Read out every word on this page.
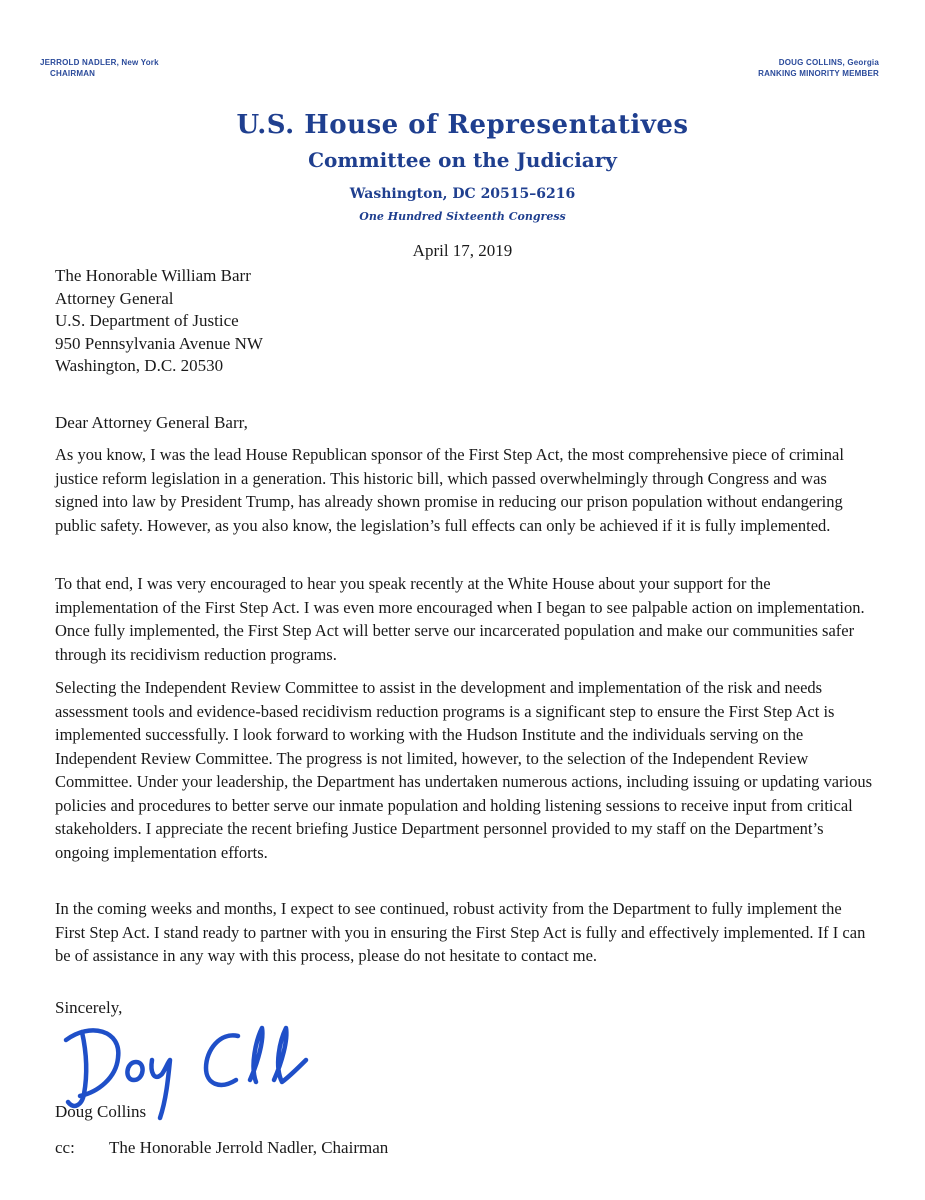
JERROLD NADLER, New York
CHAIRMAN
DOUG COLLINS, Georgia
RANKING MINORITY MEMBER
U.S. House of Representatives
Committee on the Judiciary
Washington, DC 20515–6216
One Hundred Sixteenth Congress
April 17, 2019
The Honorable William Barr
Attorney General
U.S. Department of Justice
950 Pennsylvania Avenue NW
Washington, D.C. 20530
Dear Attorney General Barr,

As you know, I was the lead House Republican sponsor of the First Step Act, the most comprehensive piece of criminal justice reform legislation in a generation. This historic bill, which passed overwhelmingly through Congress and was signed into law by President Trump, has already shown promise in reducing our prison population without endangering public safety. However, as you also know, the legislation’s full effects can only be achieved if it is fully implemented.

To that end, I was very encouraged to hear you speak recently at the White House about your support for the implementation of the First Step Act. I was even more encouraged when I began to see palpable action on implementation. Once fully implemented, the First Step Act will better serve our incarcerated population and make our communities safer through its recidivism reduction programs.

Selecting the Independent Review Committee to assist in the development and implementation of the risk and needs assessment tools and evidence-based recidivism reduction programs is a significant step to ensure the First Step Act is implemented successfully. I look forward to working with the Hudson Institute and the individuals serving on the Independent Review Committee. The progress is not limited, however, to the selection of the Independent Review Committee. Under your leadership, the Department has undertaken numerous actions, including issuing or updating various policies and procedures to better serve our inmate population and holding listening sessions to receive input from critical stakeholders. I appreciate the recent briefing Justice Department personnel provided to my staff on the Department’s ongoing implementation efforts.

In the coming weeks and months, I expect to see continued, robust activity from the Department to fully implement the First Step Act. I stand ready to partner with you in ensuring the First Step Act is fully and effectively implemented. If I can be of assistance in any way with this process, please do not hesitate to contact me.

Sincerely,
Doug Collins
cc: The Honorable Jerrold Nadler, Chairman
